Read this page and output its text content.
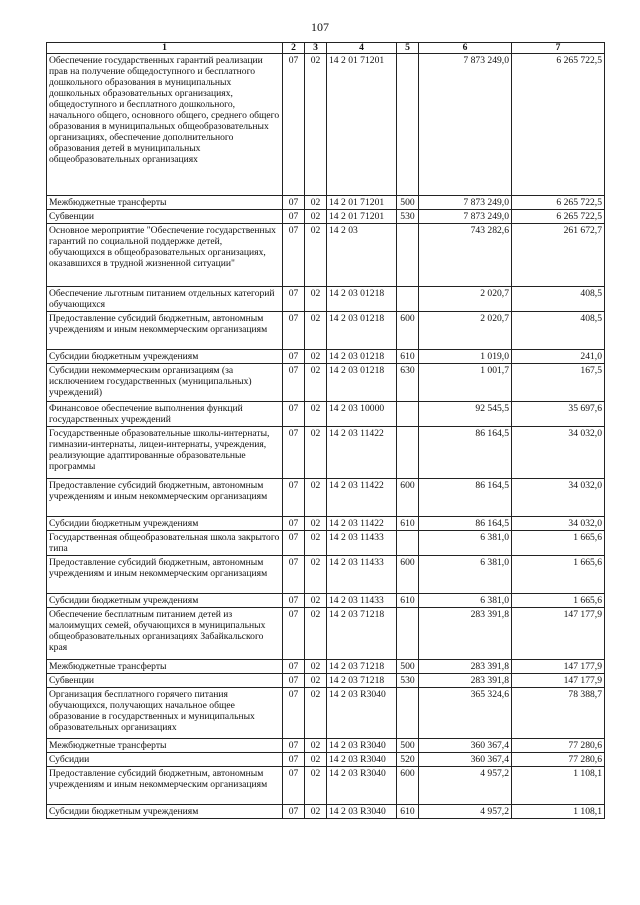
107
1	2	3	4	5	6	7
Обеспечение государственных гарантий реализации прав на получение общедоступного и бесплатного дошкольного образования в муниципальных дошкольных образовательных организациях, общедоступного и бесплатного дошкольного, начального общего, основного общего, среднего общего образования в муниципальных общеобразовательных организациях, обеспечение дополнительного образования детей в муниципальных общеобразовательных организациях	07	02	14 2 01 71201		7 873 249,0	6 265 722,5
Межбюджетные трансферты	07	02	14 2 01 71201	500	7 873 249,0	6 265 722,5
Субвенции	07	02	14 2 01 71201	530	7 873 249,0	6 265 722,5
Основное мероприятие "Обеспечение государственных гарантий по социальной поддержке детей, обучающихся в общеобразовательных организациях, оказавшихся в трудной жизненной ситуации"	07	02	14 2 03		743 282,6	261 672,7
Обеспечение льготным питанием отдельных категорий обучающихся	07	02	14 2 03 01218		2 020,7	408,5
Предоставление субсидий бюджетным, автономным учреждениям и иным некоммерческим организациям	07	02	14 2 03 01218	600	2 020,7	408,5
Субсидии бюджетным учреждениям	07	02	14 2 03 01218	610	1 019,0	241,0
Субсидии некоммерческим организациям (за исключением государственных (муниципальных) учреждений)	07	02	14 2 03 01218	630	1 001,7	167,5
Финансовое обеспечение выполнения функций государственных учреждений	07	02	14 2 03 10000		92 545,5	35 697,6
Государственные образовательные школы-интернаты, гимназии-интернаты, лицеи-интернаты, учреждения, реализующие адаптированные образовательные программы	07	02	14 2 03 11422		86 164,5	34 032,0
Предоставление субсидий бюджетным, автономным учреждениям и иным некоммерческим организациям	07	02	14 2 03 11422	600	86 164,5	34 032,0
Субсидии бюджетным учреждениям	07	02	14 2 03 11422	610	86 164,5	34 032,0
Государственная общеобразовательная школа закрытого типа	07	02	14 2 03 11433		6 381,0	1 665,6
Предоставление субсидий бюджетным, автономным учреждениям и иным некоммерческим организациям	07	02	14 2 03 11433	600	6 381,0	1 665,6
Субсидии бюджетным учреждениям	07	02	14 2 03 11433	610	6 381,0	1 665,6
Обеспечение бесплатным питанием детей из малоимущих семей, обучающихся в муниципальных общеобразовательных организациях Забайкальского края	07	02	14 2 03 71218		283 391,8	147 177,9
Межбюджетные трансферты	07	02	14 2 03 71218	500	283 391,8	147 177,9
Субвенции	07	02	14 2 03 71218	530	283 391,8	147 177,9
Организация бесплатного горячего питания обучающихся, получающих начальное общее образование в государственных и муниципальных образовательных организациях	07	02	14 2 03 R3040		365 324,6	78 388,7
Межбюджетные трансферты	07	02	14 2 03 R3040	500	360 367,4	77 280,6
Субсидии	07	02	14 2 03 R3040	520	360 367,4	77 280,6
Предоставление субсидий бюджетным, автономным учреждениям и иным некоммерческим организациям	07	02	14 2 03 R3040	600	4 957,2	1 108,1
Субсидии бюджетным учреждениям	07	02	14 2 03 R3040	610	4 957,2	1 108,1
